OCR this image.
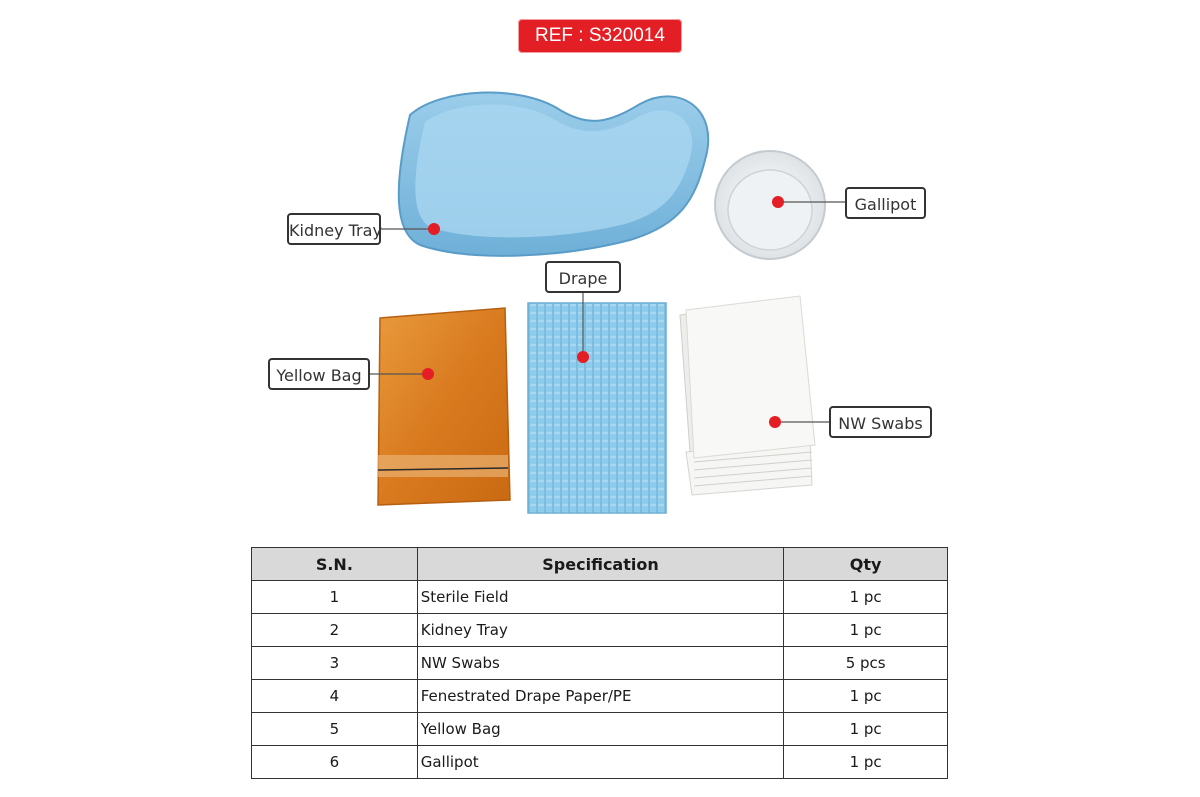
REF : S320014
Kidney Tray
Gallipot
Drape
Yellow Bag
NW Swabs
S.N.	Specification	Qty
1	Sterile Field	1 pc
2	Kidney Tray	1 pc
3	NW Swabs	5 pcs
4	Fenestrated Drape Paper/PE	1 pc
5	Yellow Bag	1 pc
6	Gallipot	1 pc
